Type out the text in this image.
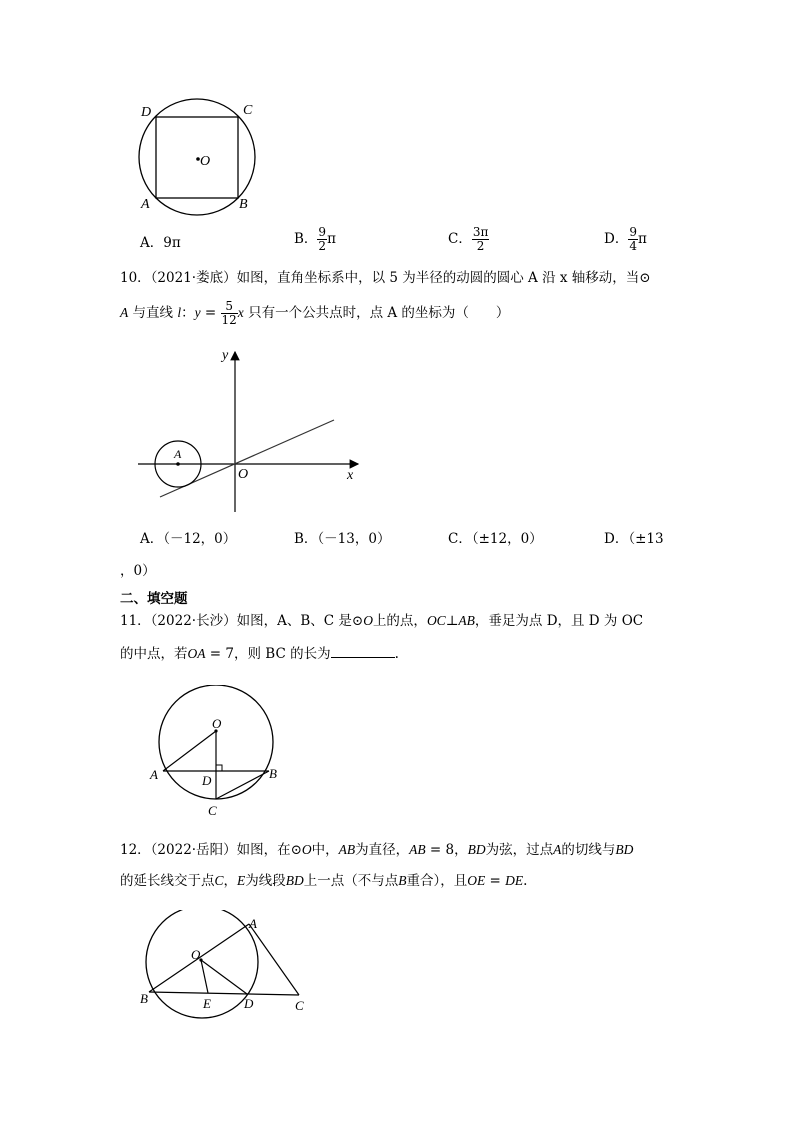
D	C
A	B
O
A．9π	B． $\frac{9}{2}$ π	C． $\frac{3\pi}{2}$	D． $\frac{9}{4}$ π
10．（2021·娄底）如图，直角坐标系中，以 5 为半径的动圆的圆心 A 沿 x 轴移动，当⊙
A 与直线 l：$y = \frac{5}{12}$ x 只有一个公共点时，点 A 的坐标为（　　）
y
x
O
A
A．（－12，0）	B．（－13，0）	C．（±12，0）	D．（±13
，0）
二、填空题
11．（2022·长沙）如图，A、B、C 是⊙O上的点，OC⊥AB，垂足为点 D，且 D 为 OC
的中点，若OA = 7，则 BC 的长为	.
O
A	B
D
C
12．（2022·岳阳）如图，在⊙O中，AB为直径，AB = 8，BD为弦，过点A的切线与BD
的延长线交于点C，E为线段BD上一点（不与点B重合），且OE = DE.
O
A
B	E	D	C
